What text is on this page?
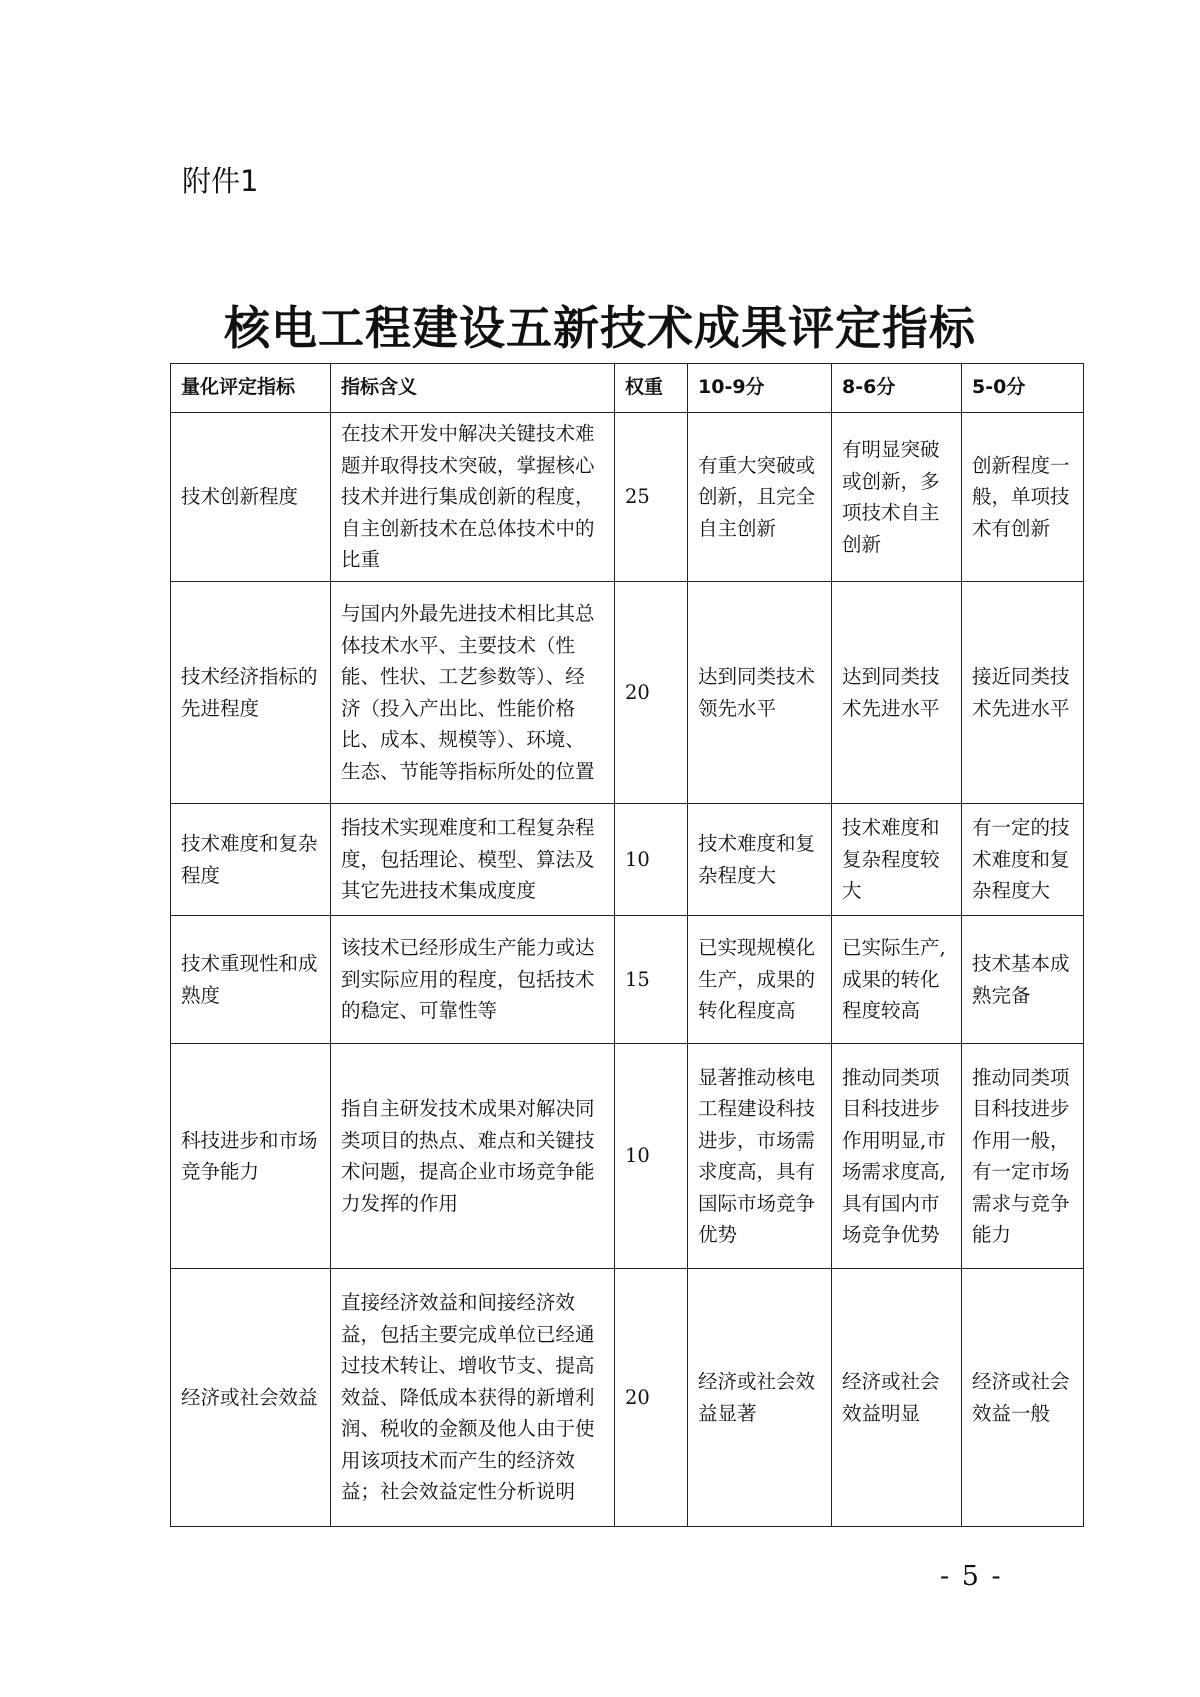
附件1
核电工程建设五新技术成果评定指标
量化评定指标	指标含义	权重	10-9分	8-6分	5-0分
技术创新程度	在技术开发中解决关键技术难题并取得技术突破，掌握核心技术并进行集成创新的程度，自主创新技术在总体技术中的比重	25	有重大突破或创新，且完全自主创新	有明显突破或创新，多项技术自主创新	创新程度一般，单项技术有创新
技术经济指标的先进程度	与国内外最先进技术相比其总体技术水平、主要技术（性能、性状、工艺参数等）、经济（投入产出比、性能价格比、成本、规模等）、环境、生态、节能等指标所处的位置	20	达到同类技术领先水平	达到同类技术先进水平	接近同类技术先进水平
技术难度和复杂程度	指技术实现难度和工程复杂程度，包括理论、模型、算法及其它先进技术集成度度	10	技术难度和复杂程度大	技术难度和复杂程度较大	有一定的技术难度和复杂程度大
技术重现性和成熟度	该技术已经形成生产能力或达到实际应用的程度，包括技术的稳定、可靠性等	15	已实现规模化生产，成果的转化程度高	已实际生产,成果的转化程度较高	技术基本成熟完备
科技进步和市场竞争能力	指自主研发技术成果对解决同类项目的热点、难点和关键技术问题，提高企业市场竞争能力发挥的作用	10	显著推动核电工程建设科技进步，市场需求度高，具有国际市场竞争优势	推动同类项目科技进步作用明显,市场需求度高,具有国内市场竞争优势	推动同类项目科技进步作用一般，有一定市场需求与竞争能力
经济或社会效益	直接经济效益和间接经济效益，包括主要完成单位已经通过技术转让、增收节支、提高效益、降低成本获得的新增利润、税收的金额及他人由于使用该项技术而产生的经济效益；社会效益定性分析说明	20	经济或社会效益显著	经济或社会效益明显	经济或社会效益一般
- 5 -
